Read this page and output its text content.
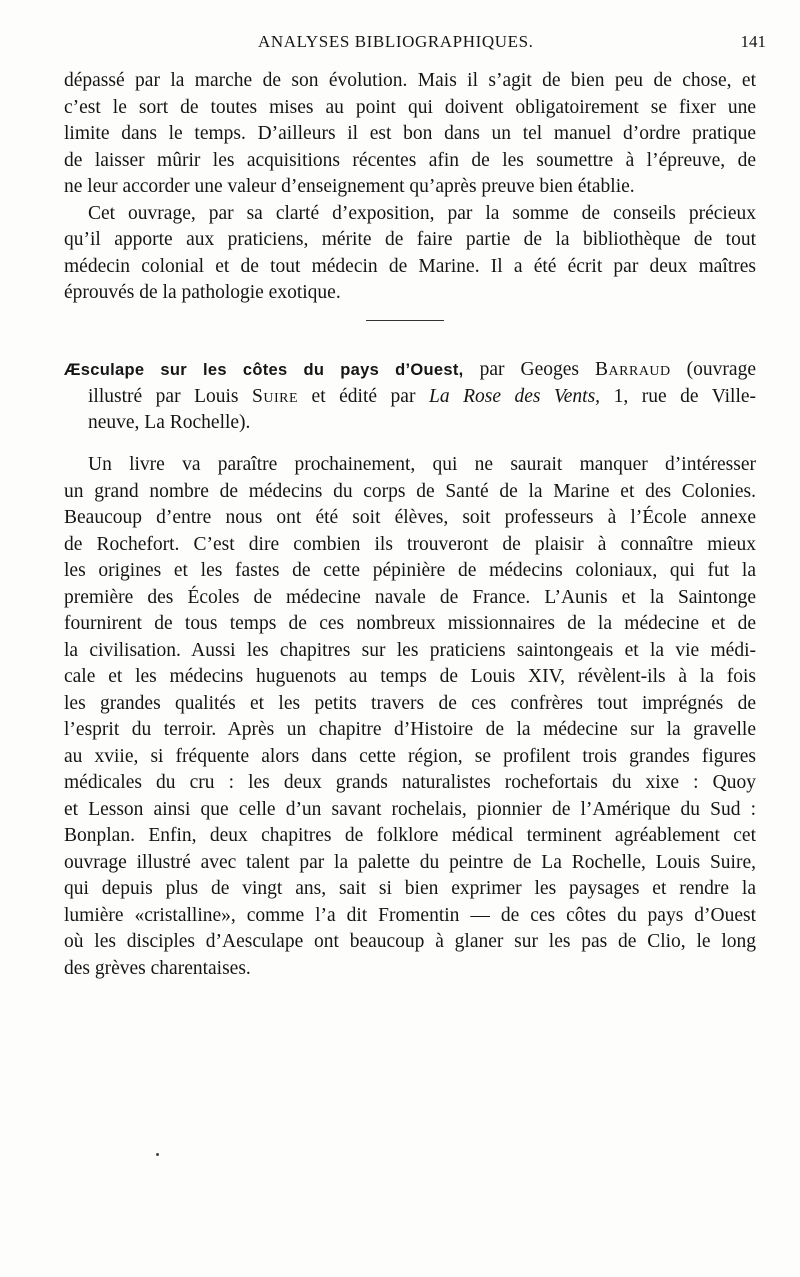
ANALYSES BIBLIOGRAPHIQUES.	141
dépassé par la marche de son évolution. Mais il s’agit de bien peu de chose, et
c’est le sort de toutes mises au point qui doivent obligatoirement se fixer une
limite dans le temps. D’ailleurs il est bon dans un tel manuel d’ordre pratique
de laisser mûrir les acquisitions récentes afin de les soumettre à l’épreuve, de
ne leur accorder une valeur d’enseignement qu’après preuve bien établie.
Cet ouvrage, par sa clarté d’exposition, par la somme de conseils précieux
qu’il apporte aux praticiens, mérite de faire partie de la bibliothèque de tout
médecin colonial et de tout médecin de Marine. Il a été écrit par deux maîtres
éprouvés de la pathologie exotique.
Æsculape sur les côtes du pays d’Ouest, par Geoges Barraud (ouvrage
illustré par Louis Suire et édité par La Rose des Vents, 1, rue de Ville-
neuve, La Rochelle).
Un livre va paraître prochainement, qui ne saurait manquer d’intéresser
un grand nombre de médecins du corps de Santé de la Marine et des Colonies.
Beaucoup d’entre nous ont été soit élèves, soit professeurs à l’École annexe
de Rochefort. C’est dire combien ils trouveront de plaisir à connaître mieux
les origines et les fastes de cette pépinière de médecins coloniaux, qui fut la
première des Écoles de médecine navale de France. L’Aunis et la Saintonge
fournirent de tous temps de ces nombreux missionnaires de la médecine et de
la civilisation. Aussi les chapitres sur les praticiens saintongeais et la vie médi-
cale et les médecins huguenots au temps de Louis XIV, révèlent-ils à la fois
les grandes qualités et les petits travers de ces confrères tout imprégnés de
l’esprit du terroir. Après un chapitre d’Histoire de la médecine sur la gravelle
au xviie, si fréquente alors dans cette région, se profilent trois grandes figures
médicales du cru : les deux grands naturalistes rochefortais du xixe : Quoy
et Lesson ainsi que celle d’un savant rochelais, pionnier de l’Amérique du Sud :
Bonplan. Enfin, deux chapitres de folklore médical terminent agréablement cet
ouvrage illustré avec talent par la palette du peintre de La Rochelle, Louis Suire,
qui depuis plus de vingt ans, sait si bien exprimer les paysages et rendre la
lumière «cristalline», comme l’a dit Fromentin — de ces côtes du pays d’Ouest
où les disciples d’Aesculape ont beaucoup à glaner sur les pas de Clio, le long
des grèves charentaises.
